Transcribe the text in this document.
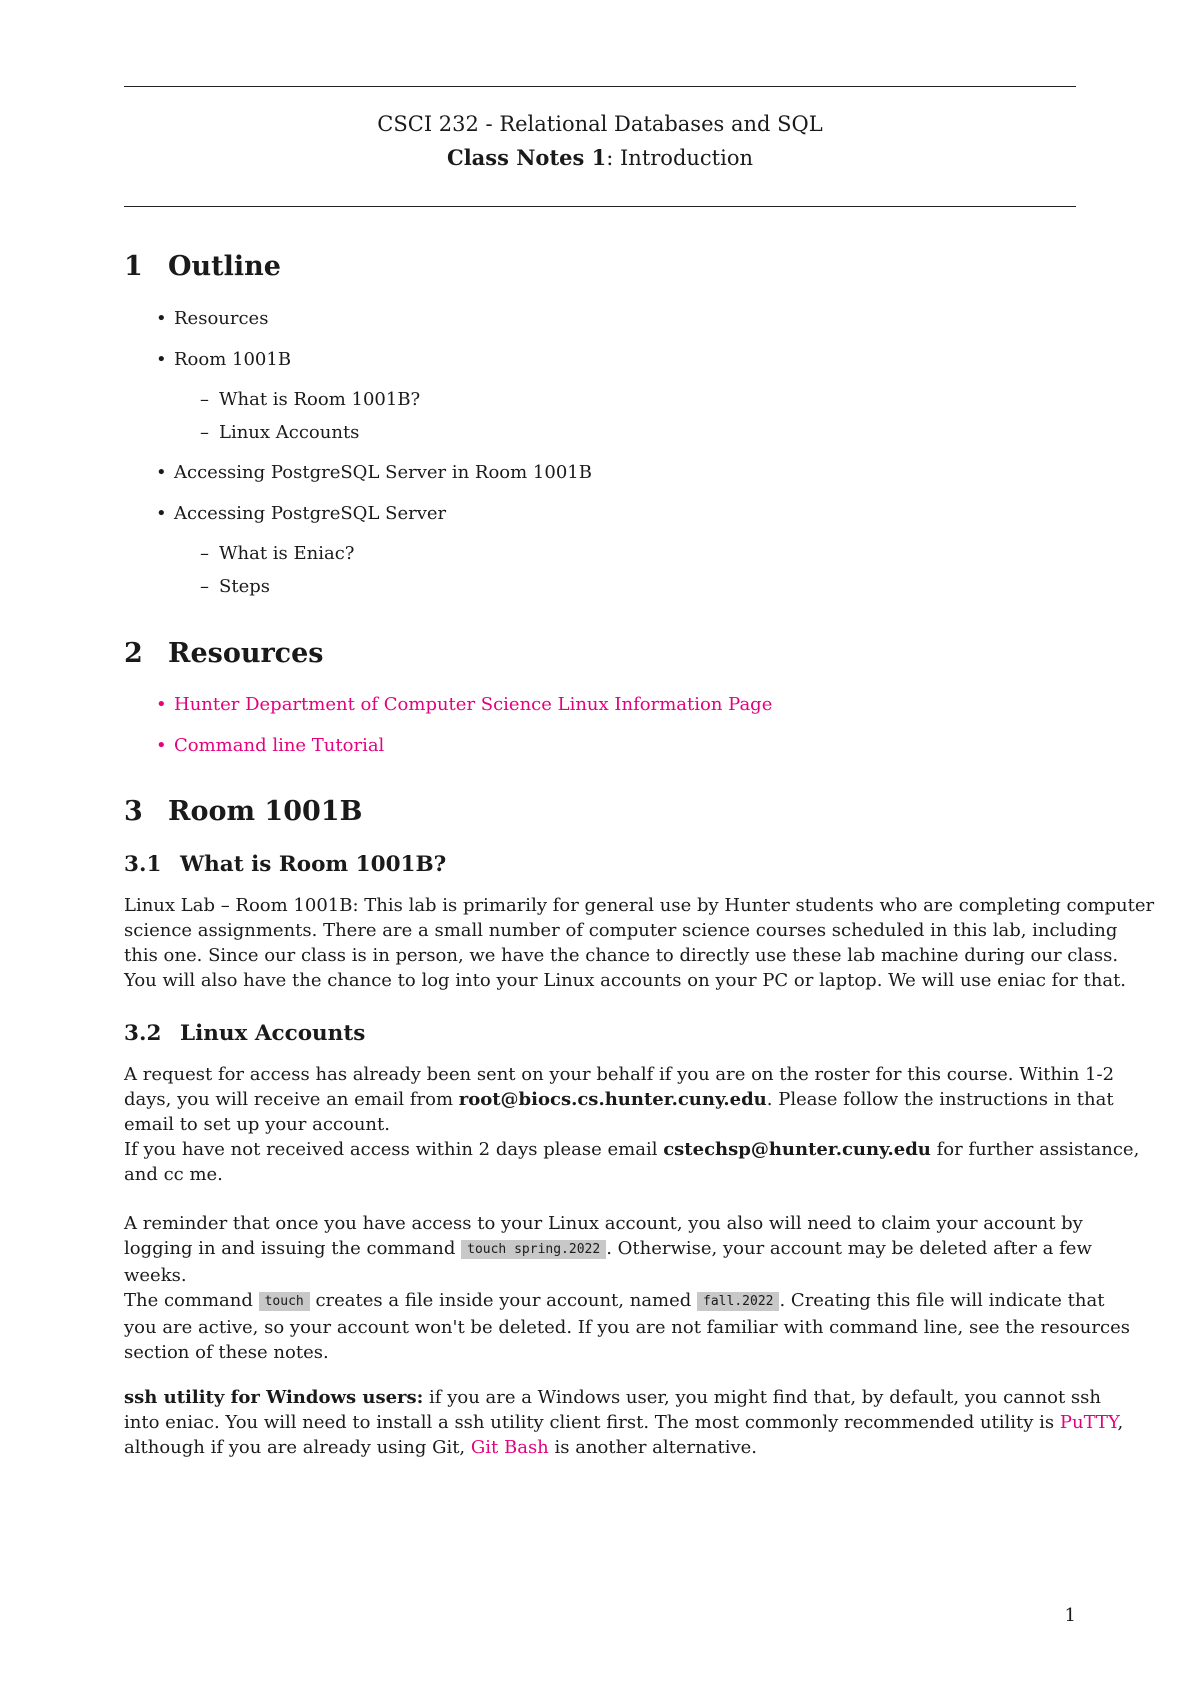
CSCI 232 - Relational Databases and SQL
Class Notes 1: Introduction
1 Outline
• Resources
• Room 1001B
– What is Room 1001B?
– Linux Accounts
• Accessing PostgreSQL Server in Room 1001B
• Accessing PostgreSQL Server
– What is Eniac?
– Steps
2 Resources
• Hunter Department of Computer Science Linux Information Page
• Command line Tutorial
3 Room 1001B
3.1 What is Room 1001B?
Linux Lab – Room 1001B: This lab is primarily for general use by Hunter students who are completing computer
science assignments. There are a small number of computer science courses scheduled in this lab, including
this one. Since our class is in person, we have the chance to directly use these lab machine during our class.
You will also have the chance to log into your Linux accounts on your PC or laptop. We will use eniac for that.
3.2 Linux Accounts
A request for access has already been sent on your behalf if you are on the roster for this course. Within 1-2
days, you will receive an email from root@biocs.cs.hunter.cuny.edu. Please follow the instructions in that
email to set up your account.
If you have not received access within 2 days please email cstechsp@hunter.cuny.edu for further assistance,
and cc me.
A reminder that once you have access to your Linux account, you also will need to claim your account by
logging in and issuing the command touch spring.2022 . Otherwise, your account may be deleted after a few
weeks.
The command touch creates a file inside your account, named fall.2022 . Creating this file will indicate that
you are active, so your account won't be deleted. If you are not familiar with command line, see the resources
section of these notes.
ssh utility for Windows users: if you are a Windows user, you might find that, by default, you cannot ssh
into eniac. You will need to install a ssh utility client first. The most commonly recommended utility is PuTTY,
although if you are already using Git, Git Bash is another alternative.
1
